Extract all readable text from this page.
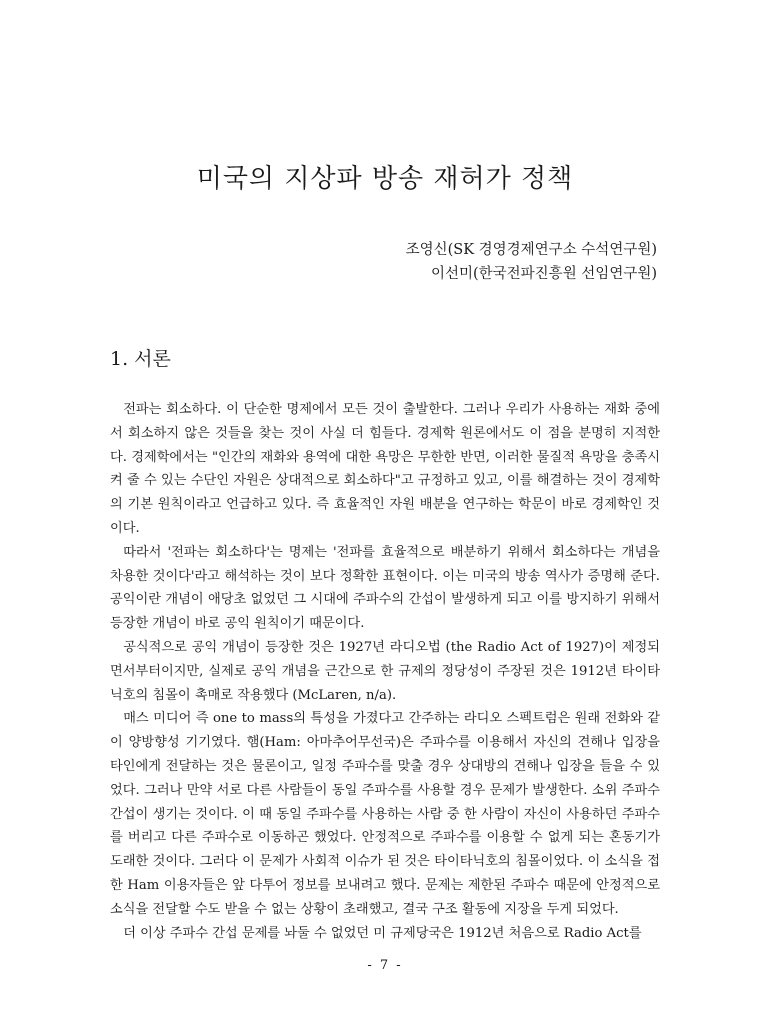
미국의 지상파 방송 재허가 정책
조영신(SK 경영경제연구소 수석연구원)
이선미(한국전파진흥원 선임연구원)
1. 서론

전파는 회소하다. 이 단순한 명제에서 모든 것이 출발한다. 그러나 우리가 사용하는 재화 중에서 회소하지 않은 것들을 찾는 것이 사실 더 힘들다. 경제학 원론에서도 이 점을 분명히 지적한다. 경제학에서는 "인간의 재화와 용역에 대한 욕망은 무한한 반면, 이러한 물질적 욕망을 충족시켜 줄 수 있는 수단인 자원은 상대적으로 회소하다"고 규정하고 있고, 이를 해결하는 것이 경제학의 기본 원칙이라고 언급하고 있다. 즉 효율적인 자원 배분을 연구하는 학문이 바로 경제학인 것이다.

따라서 '전파는 회소하다'는 명제는 '전파를 효율적으로 배분하기 위해서 회소하다는 개념을 차용한 것이다'라고 해석하는 것이 보다 정확한 표현이다. 이는 미국의 방송 역사가 증명해 준다. 공익이란 개념이 애당초 없었던 그 시대에 주파수의 간섭이 발생하게 되고 이를 방지하기 위해서 등장한 개념이 바로 공익 원칙이기 때문이다.

공식적으로 공익 개념이 등장한 것은 1927년 라디오법 (the Radio Act of 1927)이 제정되면서부터이지만, 실제로 공익 개념을 근간으로 한 규제의 정당성이 주장된 것은 1912년 타이타닉호의 침몰이 촉매로 작용했다 (McLaren, n/a).

매스 미디어 즉 one to mass의 특성을 가졌다고 간주하는 라디오 스펙트럼은 원래 전화와 같이 양방향성 기기였다. 햄(Ham: 아마추어무선국)은 주파수를 이용해서 자신의 견해나 입장을 타인에게 전달하는 것은 물론이고, 일정 주파수를 맞출 경우 상대방의 견해나 입장을 들을 수 있었다. 그러나 만약 서로 다른 사람들이 동일 주파수를 사용할 경우 문제가 발생한다. 소위 주파수 간섭이 생기는 것이다. 이 때 동일 주파수를 사용하는 사람 중 한 사람이 자신이 사용하던 주파수를 버리고 다른 주파수로 이동하곤 했었다. 안정적으로 주파수를 이용할 수 없게 되는 혼동기가 도래한 것이다. 그러다 이 문제가 사회적 이슈가 된 것은 타이타닉호의 침몰이었다. 이 소식을 접한 Ham 이용자들은 앞 다투어 정보를 보내려고 했다. 문제는 제한된 주파수 때문에 안정적으로 소식을 전달할 수도 받을 수 없는 상황이 초래했고, 결국 구조 활동에 지장을 두게 되었다.

더 이상 주파수 간섭 문제를 놔둘 수 없었던 미 규제당국은 1912년 처음으로 Radio Act를

- 7 -
